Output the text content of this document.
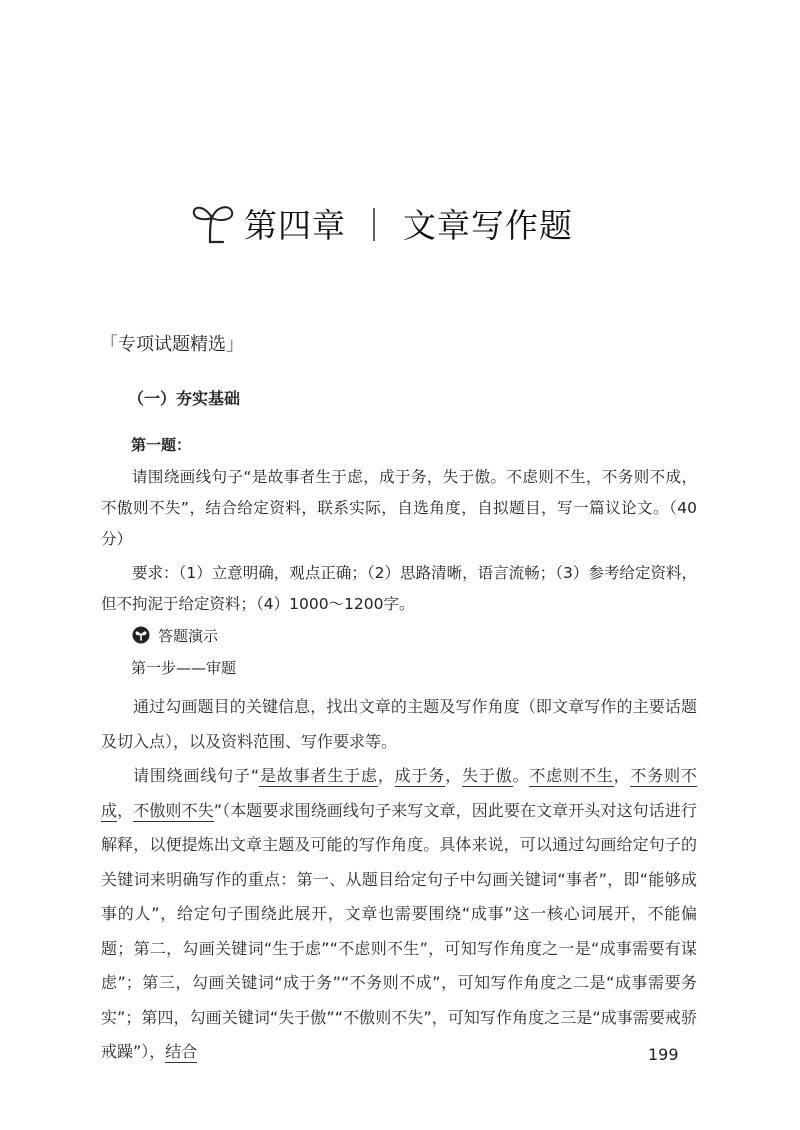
第四章 ｜ 文章写作题
「 专项试题精选 」
（一）夯实基础
第一题：

请围绕画线句子“是故事者生于虑，成于务，失于傲。不虑则不生，不务则不成，不傲则不失”，结合给定资料，联系实际，自选角度，自拟题目，写一篇议论文。（40分）

要求：（1）立意明确，观点正确；（2）思路清晰，语言流畅；（3）参考给定资料，但不拘泥于给定资料；（4）1000～1200字。

答题演示
第一步——审题

通过勾画题目的关键信息，找出文章的主题及写作角度（即文章写作的主要话题及切入点），以及资料范围、写作要求等。

请围绕画线句子“是故事者生于虑，成于务，失于傲。不虑则不生，不务则不成，不傲则不失”（本题要求围绕画线句子来写文章，因此要在文章开头对这句话进行解释，以便提炼出文章主题及可能的写作角度。具体来说，可以通过勾画给定句子的关键词来明确写作的重点：第一、从题目给定句子中勾画关键词“事者”，即“能够成事的人”，给定句子围绕此展开，文章也需要围绕“成事”这一核心词展开，不能偏题；第二，勾画关键词“生于虑”“不虑则不生”，可知写作角度之一是“成事需要有谋虑”；第三，勾画关键词“成于务”“不务则不成”，可知写作角度之二是“成事需要务实”；第四，勾画关键词“失于傲”“不傲则不失”，可知写作角度之三是“成事需要戒骄戒躁”），结合	199
